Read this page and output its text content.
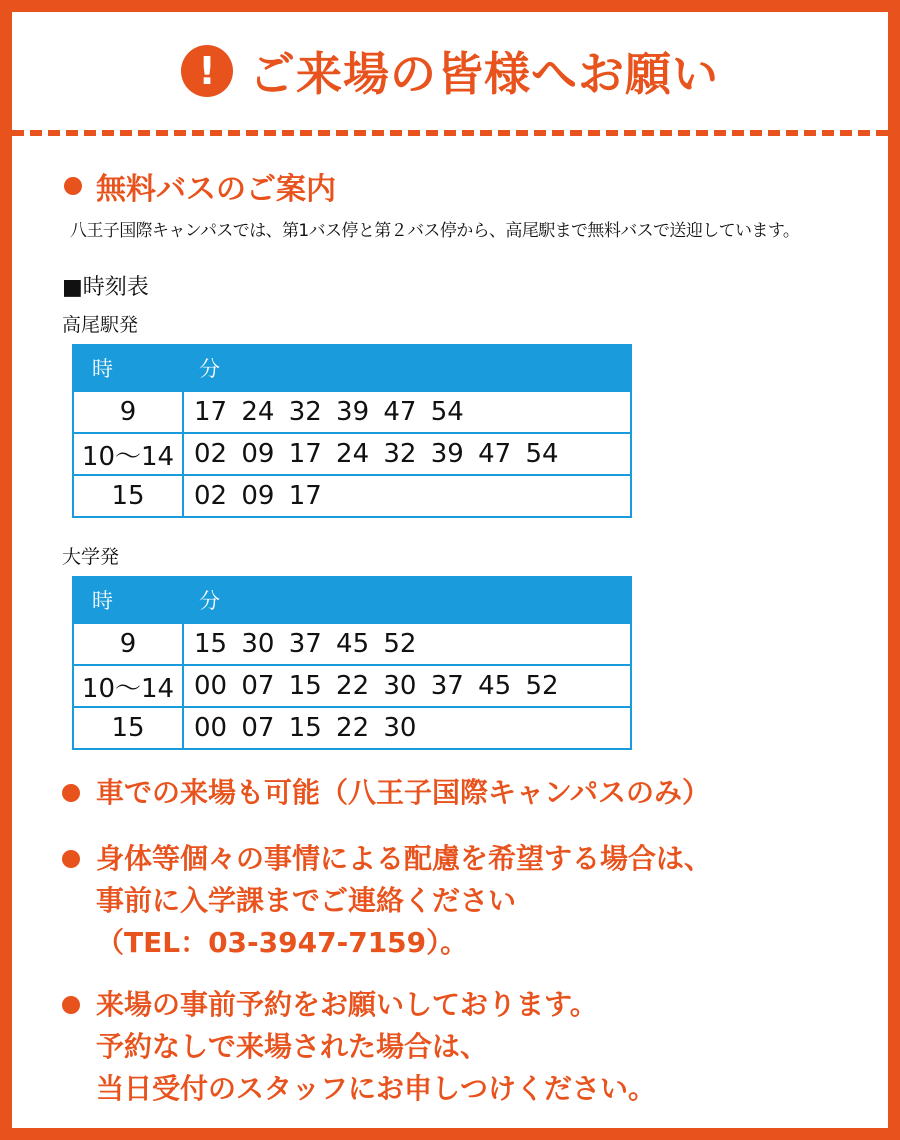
! ご来場の皆様へお願い
無料バスのご案内
八王子国際キャンパスでは、第1バス停と第２バス停から、高尾駅まで無料バスで送迎しています。
■時刻表
高尾駅発
時	分
9	17 24 32 39 47 54
10〜14	02 09 17 24 32 39 47 54
15	02 09 17
大学発
時	分
9	15 30 37 45 52
10〜14	00 07 15 22 30 37 45 52
15	00 07 15 22 30
車での来場も可能（八王子国際キャンパスのみ）
身体等個々の事情による配慮を希望する場合は、
事前に入学課までご連絡ください
（TEL：03-3947-7159）。
来場の事前予約をお願いしております。
予約なしで来場された場合は、
当日受付のスタッフにお申しつけください。
